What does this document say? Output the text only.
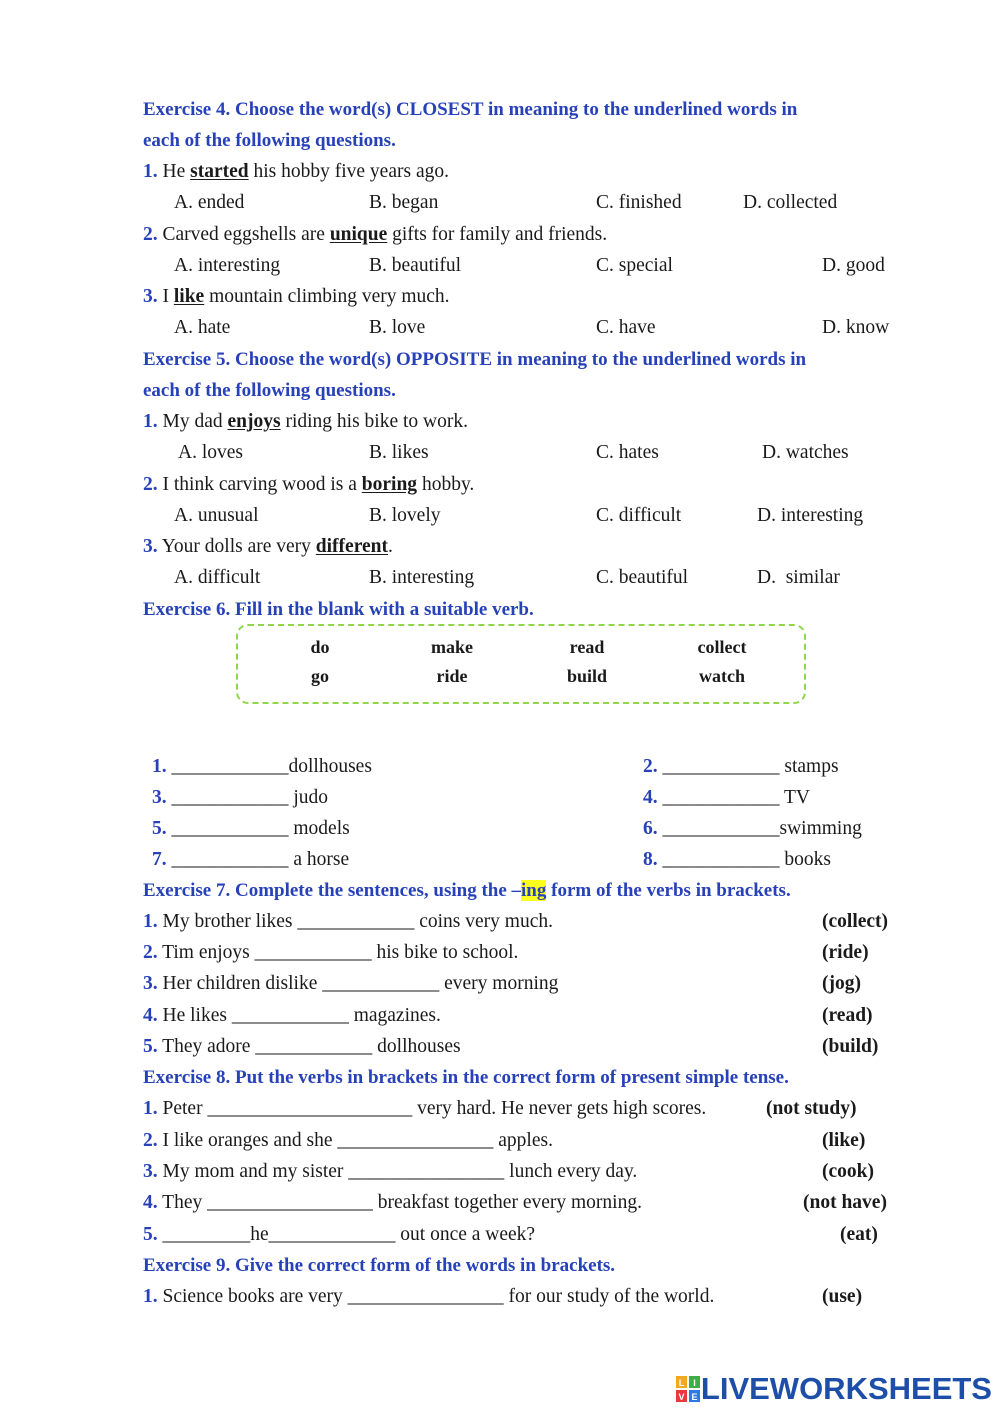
Exercise 4. Choose the word(s) CLOSEST in meaning to the underlined words in
each of the following questions.
1. He started his hobby five years ago.
A. ended	B. began	C. finished	D. collected
2. Carved eggshells are unique gifts for family and friends.
A. interesting	B. beautiful	C. special	D. good
3. I like mountain climbing very much.
A. hate	B. love	C. have	D. know
Exercise 5. Choose the word(s) OPPOSITE in meaning to the underlined words in
each of the following questions.
1. My dad enjoys riding his bike to work.
A. loves	B. likes	C. hates	D. watches
2. I think carving wood is a boring hobby.
A. unusual	B. lovely	C. difficult	D. interesting
3. Your dolls are very different.
A. difficult	B. interesting	C. beautiful	D.  similar
Exercise 6. Fill in the blank with a suitable verb.
do	make	read	collect
go	ride	build	watch
1. ____________dollhouses	2. ____________ stamps
3. ____________ judo	4. ____________ TV
5. ____________ models	6. ____________swimming
7. ____________ a horse	8. ____________ books
Exercise 7. Complete the sentences, using the –ing form of the verbs in brackets.
1. My brother likes ____________ coins very much.	(collect)
2. Tim enjoys ____________ his bike to school.	(ride)
3. Her children dislike ____________ every morning	(jog)
4. He likes ____________ magazines.	(read)
5. They adore ____________ dollhouses	(build)
Exercise 8. Put the verbs in brackets in the correct form of present simple tense.
1. Peter _____________________ very hard. He never gets high scores.	(not study)
2. I like oranges and she ________________ apples.	(like)
3. My mom and my sister ________________ lunch every day.	(cook)
4. They _________________ breakfast together every morning.	(not have)
5. _________he_____________ out once a week?	(eat)
Exercise 9. Give the correct form of the words in brackets.
1. Science books are very ________________ for our study of the world.	(use)
L I
V E LIVEWORKSHEETS
